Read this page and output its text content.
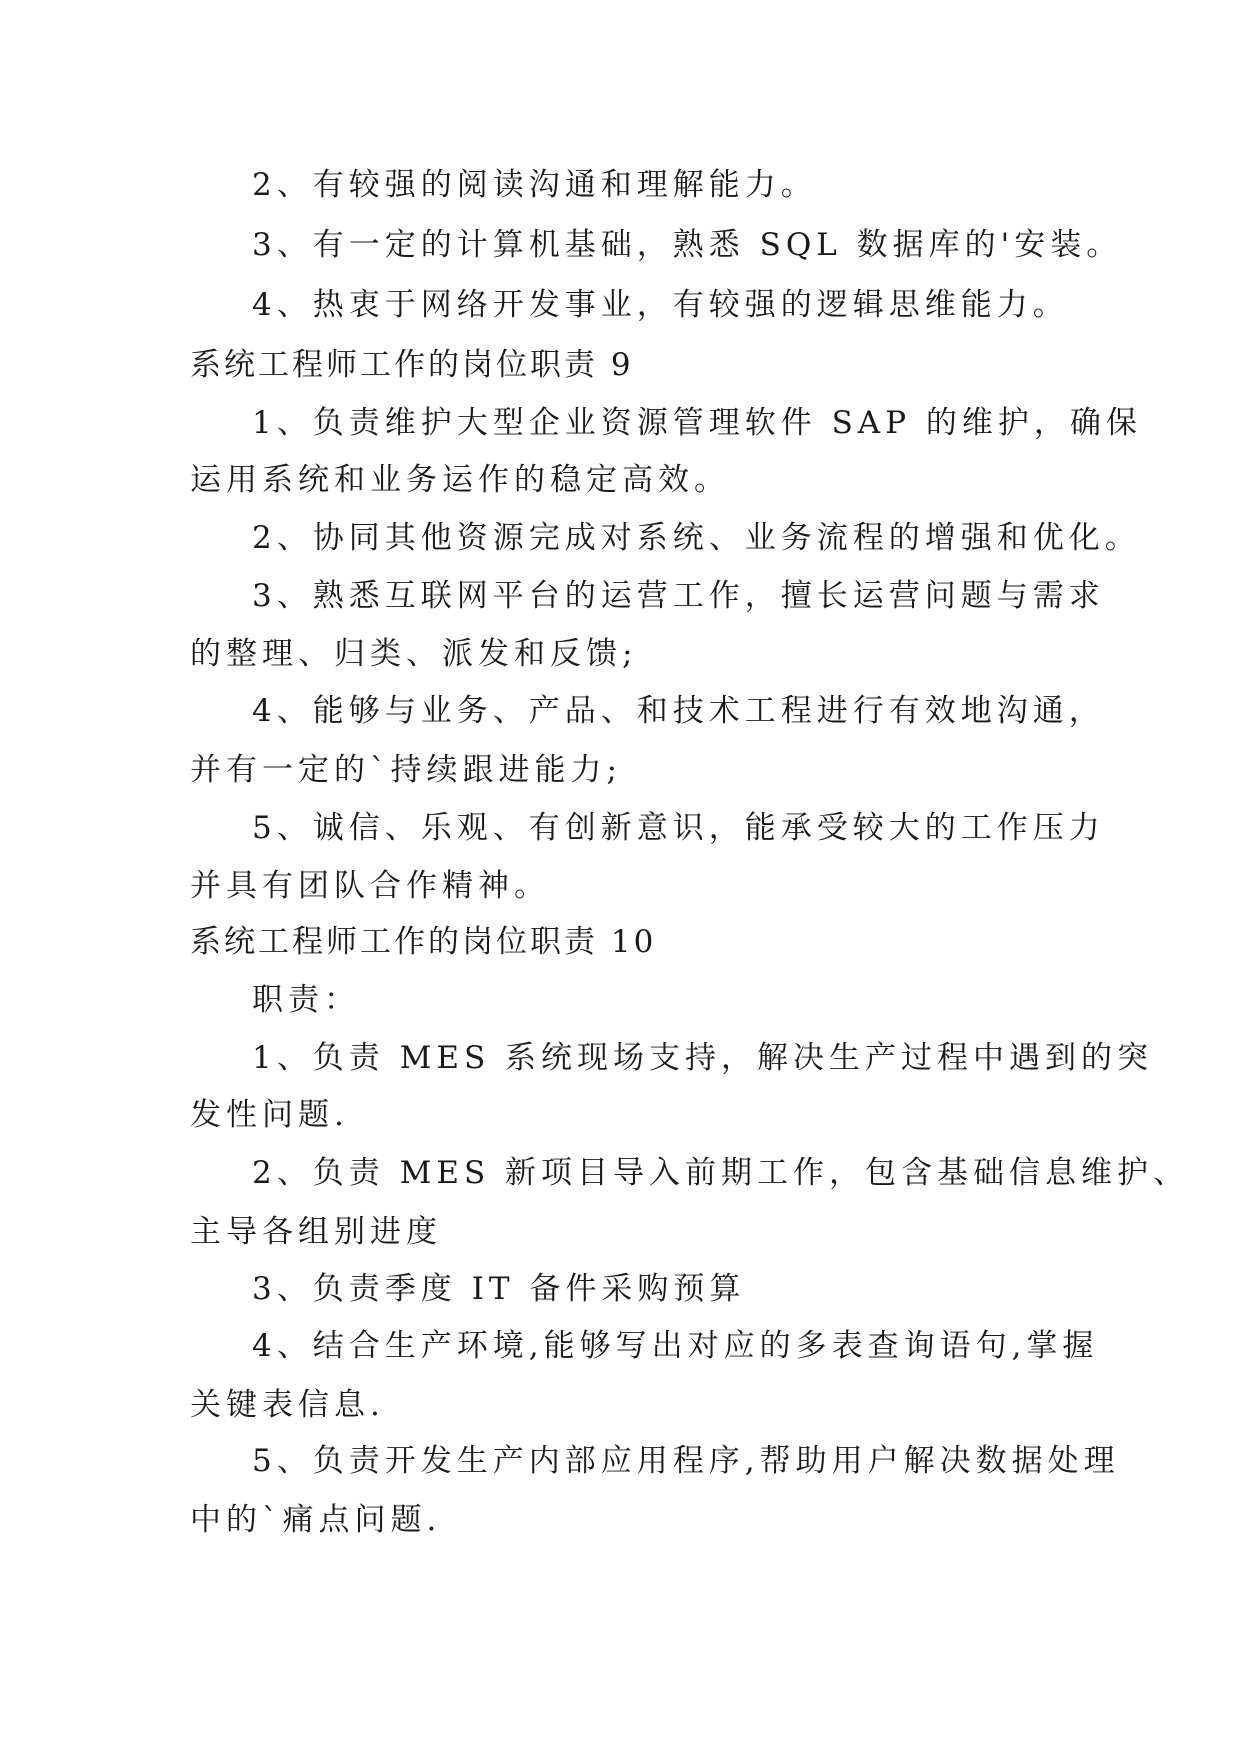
2、有较强的阅读沟通和理解能力。
3、有一定的计算机基础，熟悉 SQL 数据库的'安装。
4、热衷于网络开发事业，有较强的逻辑思维能力。
系统工程师工作的岗位职责 9
1、负责维护大型企业资源管理软件 SAP 的维护，确保
运用系统和业务运作的稳定高效。
2、协同其他资源完成对系统、业务流程的增强和优化。
3、熟悉互联网平台的运营工作，擅长运营问题与需求
的整理、归类、派发和反馈;
4、能够与业务、产品、和技术工程进行有效地沟通，
并有一定的`持续跟进能力;
5、诚信、乐观、有创新意识，能承受较大的工作压力
并具有团队合作精神。
系统工程师工作的岗位职责 10
职责：
1、负责 MES 系统现场支持，解决生产过程中遇到的突
发性问题.
2、负责 MES 新项目导入前期工作，包含基础信息维护、
主导各组别进度
3、负责季度 IT 备件采购预算
4、结合生产环境,能够写出对应的多表查询语句,掌握
关键表信息.
5、负责开发生产内部应用程序,帮助用户解决数据处理
中的`痛点问题.
